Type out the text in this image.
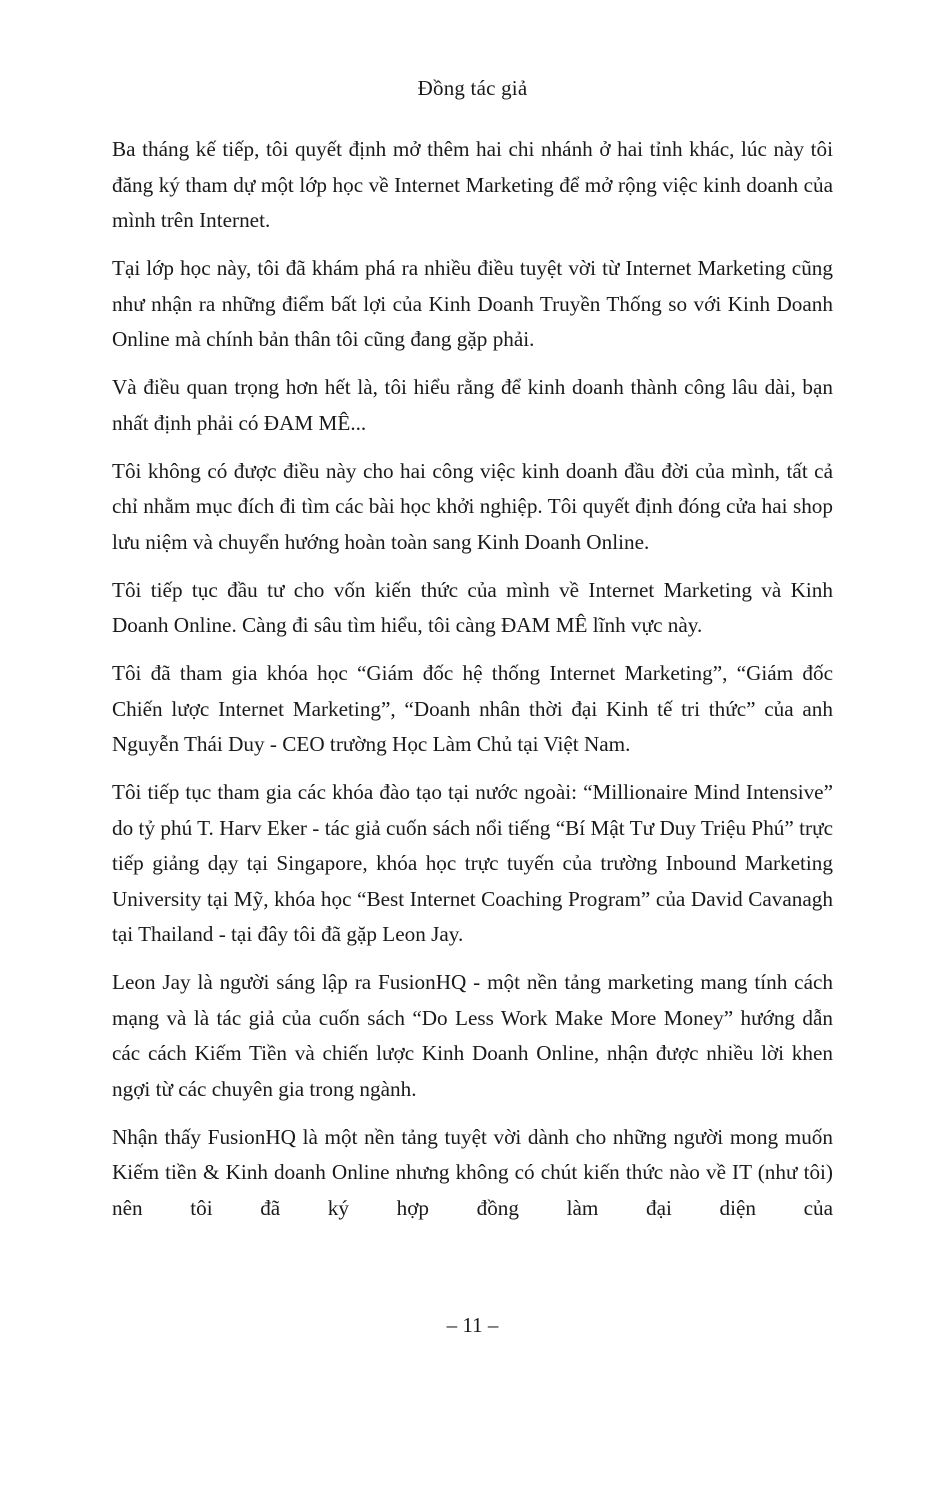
Đồng tác giả

Ba tháng kế tiếp, tôi quyết định mở thêm hai chi nhánh ở hai tỉnh khác, lúc này tôi đăng ký tham dự một lớp học về Internet Marketing để mở rộng việc kinh doanh của mình trên Internet.

Tại lớp học này, tôi đã khám phá ra nhiều điều tuyệt vời từ Internet Marketing cũng như nhận ra những điểm bất lợi của Kinh Doanh Truyền Thống so với Kinh Doanh Online mà chính bản thân tôi cũng đang gặp phải.

Và điều quan trọng hơn hết là, tôi hiểu rằng để kinh doanh thành công lâu dài, bạn nhất định phải có ĐAM MÊ...

Tôi không có được điều này cho hai công việc kinh doanh đầu đời của mình, tất cả chỉ nhằm mục đích đi tìm các bài học khởi nghiệp. Tôi quyết định đóng cửa hai shop lưu niệm và chuyển hướng hoàn toàn sang Kinh Doanh Online.

Tôi tiếp tục đầu tư cho vốn kiến thức của mình về Internet Marketing và Kinh Doanh Online. Càng đi sâu tìm hiểu, tôi càng ĐAM MÊ lĩnh vực này.

Tôi đã tham gia khóa học “Giám đốc hệ thống Internet Marketing”, “Giám đốc Chiến lược Internet Marketing”, “Doanh nhân thời đại Kinh tế tri thức” của anh Nguyễn Thái Duy - CEO trường Học Làm Chủ tại Việt Nam.

Tôi tiếp tục tham gia các khóa đào tạo tại nước ngoài: “Millionaire Mind Intensive” do tỷ phú T. Harv Eker - tác giả cuốn sách nổi tiếng “Bí Mật Tư Duy Triệu Phú” trực tiếp giảng dạy tại Singapore, khóa học trực tuyến của trường Inbound Marketing University tại Mỹ, khóa học “Best Internet Coaching Program” của David Cavanagh tại Thailand - tại đây tôi đã gặp Leon Jay.

Leon Jay là người sáng lập ra FusionHQ - một nền tảng marketing mang tính cách mạng và là tác giả của cuốn sách “Do Less Work Make More Money” hướng dẫn các cách Kiếm Tiền và chiến lược Kinh Doanh Online, nhận được nhiều lời khen ngợi từ các chuyên gia trong ngành.

Nhận thấy FusionHQ là một nền tảng tuyệt vời dành cho những người mong muốn Kiếm tiền & Kinh doanh Online nhưng không có chút kiến thức nào về IT (như tôi) nên tôi đã ký hợp đồng làm đại diện của

– 11 –
